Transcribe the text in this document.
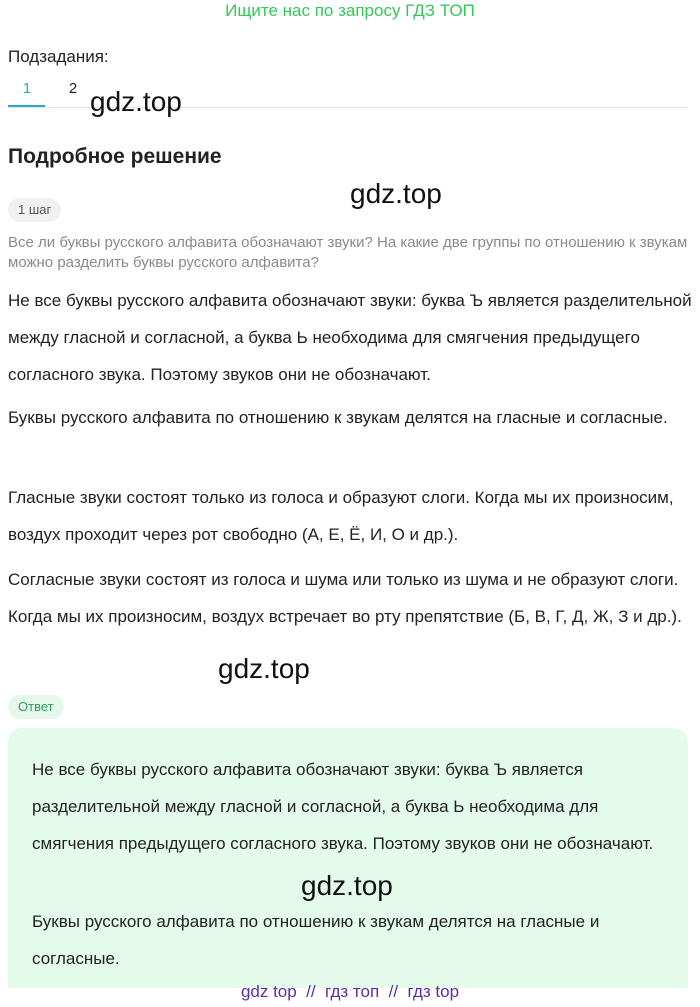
Ищите нас по запросу ГДЗ ТОП
Подзадания:
1	2 gdz.top
Подробное решение
gdz.top
1 шаг
Все ли буквы русского алфавита обозначают звуки? На какие две группы по отношению к звукам можно разделить буквы русского алфавита?
Не все буквы русского алфавита обозначают звуки: буква Ъ является разделительной между гласной и согласной, а буква Ь необходима для смягчения предыдущего согласного звука. Поэтому звуков они не обозначают.
Буквы русского алфавита по отношению к звукам делятся на гласные и согласные.
Гласные звуки состоят только из голоса и образуют слоги. Когда мы их произносим, воздух проходит через рот свободно (А, Е, Ё, И, О и др.).
Согласные звуки состоят из голоса и шума или только из шума и не образуют слоги. Когда мы их произносим, воздух встречает во рту препятствие (Б, В, Г, Д, Ж, З и др.).
gdz.top
Ответ
Не все буквы русского алфавита обозначают звуки: буква Ъ является разделительной между гласной и согласной, а буква Ь необходима для смягчения предыдущего согласного звука. Поэтому звуков они не обозначают.
Буквы русского алфавита по отношению к звукам делятся на гласные и согласные.
gdz.top
gdz top  //  гдз топ  //  гдз top
